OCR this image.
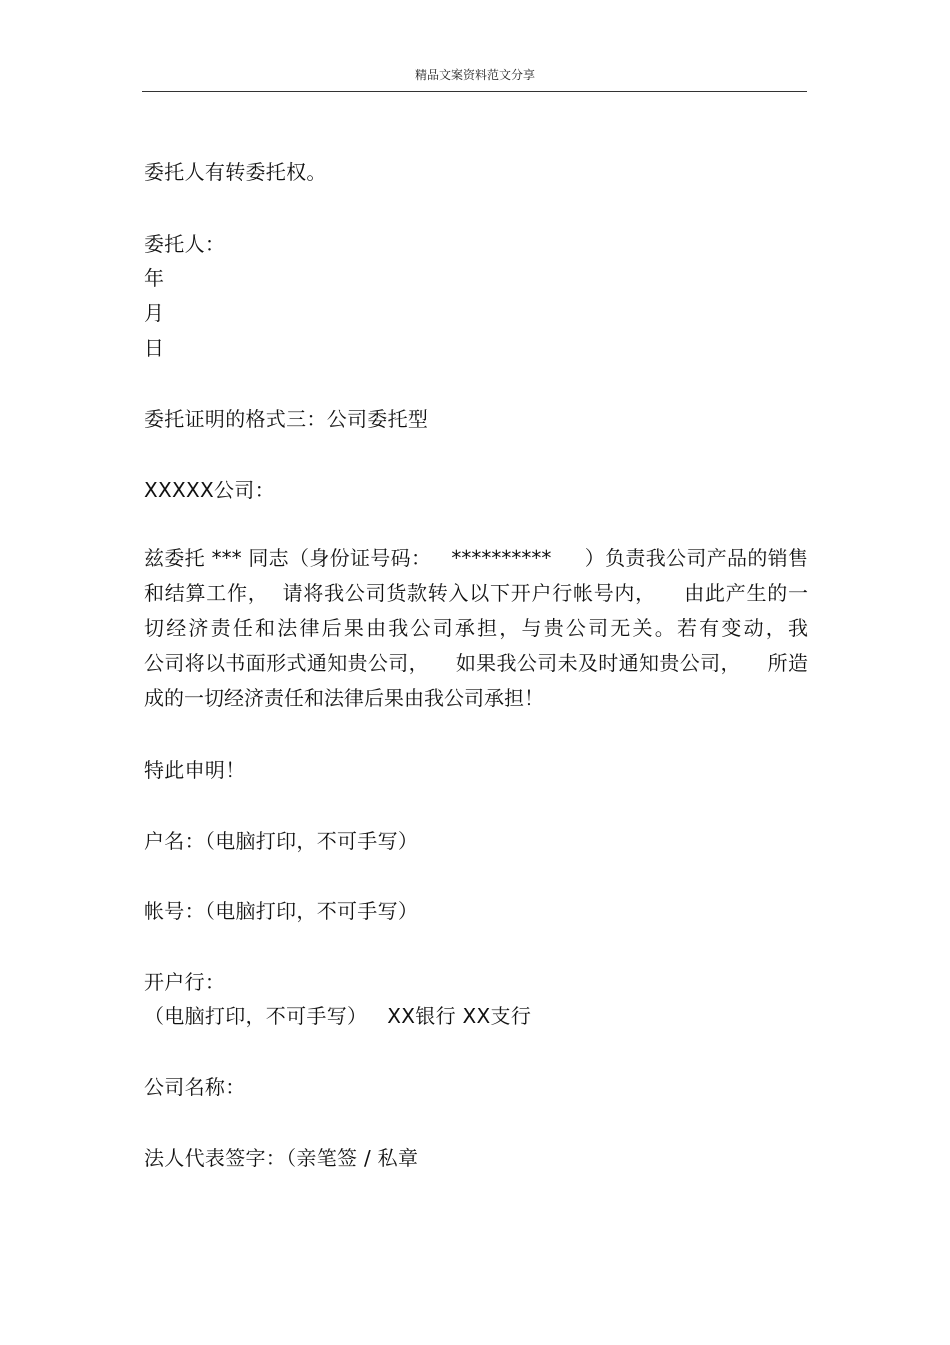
精品文案资料范文分享
委托人有转委托权。
委托人：
年
月
日
委托证明的格式三：公司委托型
XXXXX公司：
兹委托 *** 同志（身份证号码：   **********     ）负责我公司产品的销售
和结算工作，  请将我公司货款转入以下开户行帐号内，    由此产生的一
切经济责任和法律后果由我公司承担，与贵公司无关。若有变动，我
公司将以书面形式通知贵公司，    如果我公司未及时通知贵公司，    所造
成的一切经济责任和法律后果由我公司承担！
特此申明！
户名：（电脑打印，不可手写）
帐号：（电脑打印，不可手写）
开户行：
（电脑打印，不可手写）   XX银行 XX支行
公司名称：
法人代表签字：（亲笔签 / 私章
